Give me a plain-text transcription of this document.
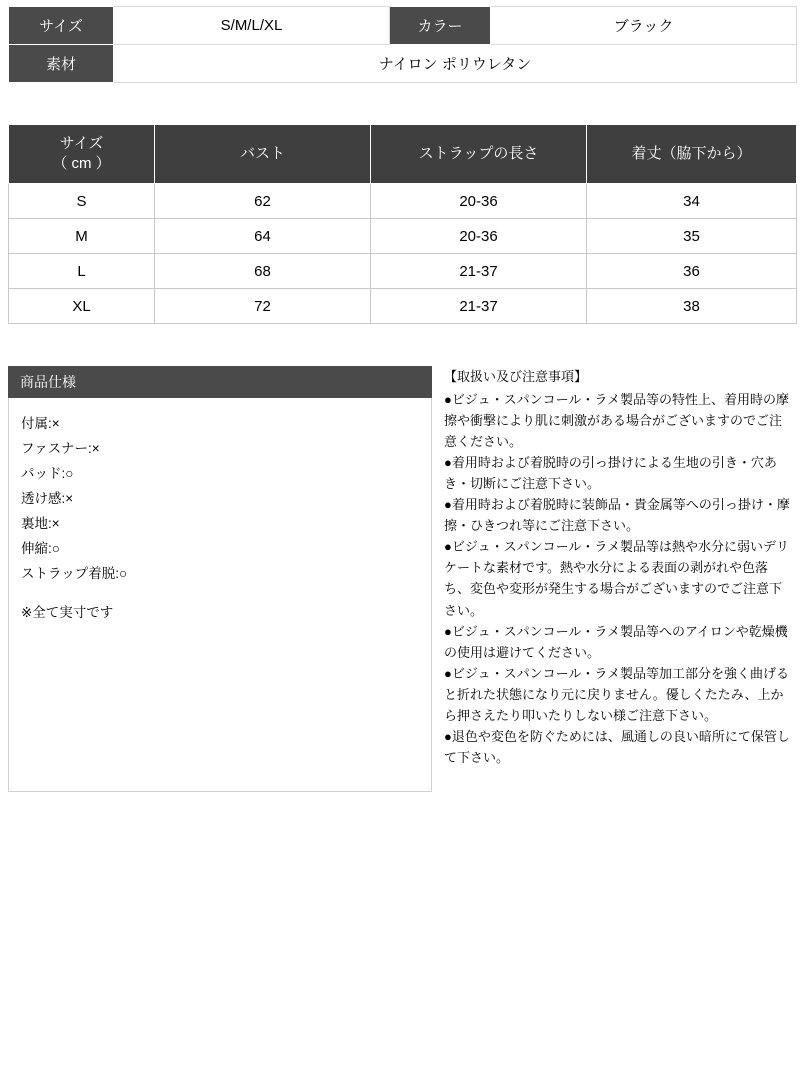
サイズ	S/M/L/XL	カラー	ブラック
素材	ナイロン ポリウレタン		
サイズ
（ cm ）	バスト	ストラップの長さ	着丈（脇下から）
S	62	20-36	34
M	64	20-36	35
L	68	21-37	36
XL	72	21-37	38
商品仕様
付属:×
ファスナー:×
パッド:○
透け感:×
裏地:×
伸縮:○
ストラップ着脱:○
※全て実寸です

【取扱い及び注意事項】

●ビジュ・スパンコール・ラメ製品等の特性上、着用時の摩擦や衝撃により肌に刺激がある場合がございますのでご注意ください。

●着用時および着脱時の引っ掛けによる生地の引き・穴あき・切断にご注意下さい。

●着用時および着脱時に装飾品・貴金属等への引っ掛け・摩擦・ひきつれ等にご注意下さい。

●ビジュ・スパンコール・ラメ製品等は熱や水分に弱いデリケートな素材です。熱や水分による表面の剥がれや色落ち、変色や変形が発生する場合がございますのでご注意下さい。

●ビジュ・スパンコール・ラメ製品等へのアイロンや乾燥機の使用は避けてください。

●ビジュ・スパンコール・ラメ製品等加工部分を強く曲げると折れた状態になり元に戻りません。優しくたたみ、上から押さえたり叩いたりしない様ご注意下さい。

●退色や変色を防ぐためには、風通しの良い暗所にて保管して下さい。
